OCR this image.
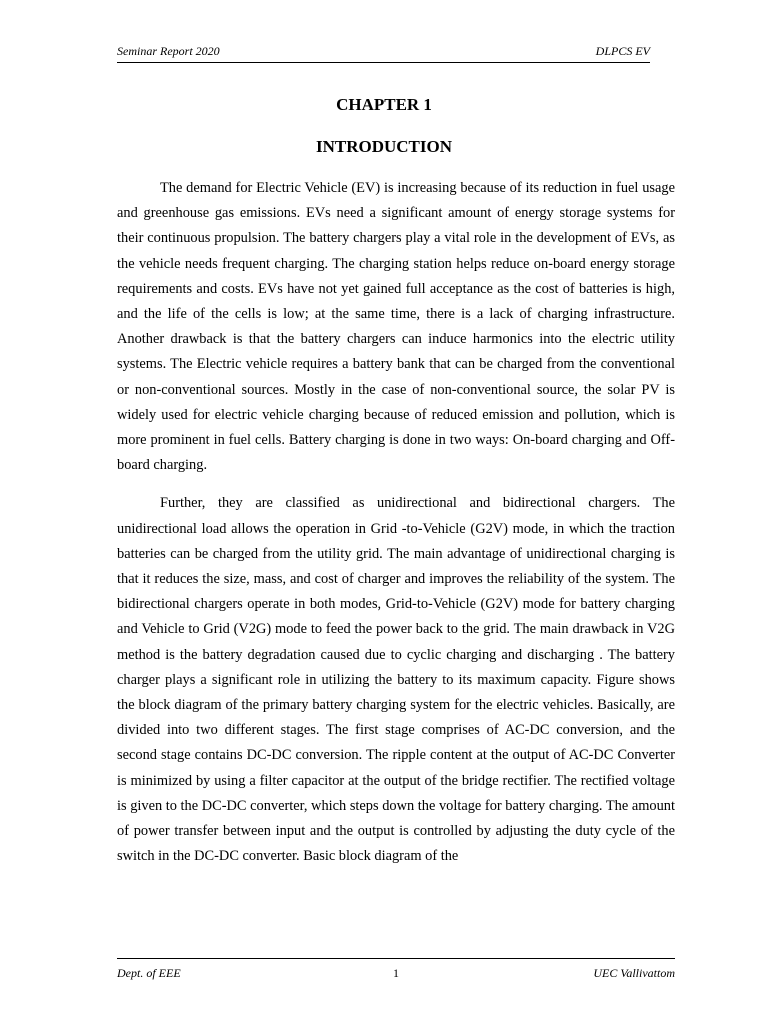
Seminar Report 2020	DLPCS EV
CHAPTER 1
INTRODUCTION

The demand for Electric Vehicle (EV) is increasing because of its reduction in fuel usage and greenhouse gas emissions. EVs need a significant amount of energy storage systems for their continuous propulsion. The battery chargers play a vital role in the development of EVs, as the vehicle needs frequent charging. The charging station helps reduce on-board energy storage requirements and costs. EVs have not yet gained full acceptance as the cost of batteries is high, and the life of the cells is low; at the same time, there is a lack of charging infrastructure. Another drawback is that the battery chargers can induce harmonics into the electric utility systems. The Electric vehicle requires a battery bank that can be charged from the conventional or non-conventional sources. Mostly in the case of non-conventional source, the solar PV is widely used for electric vehicle charging because of reduced emission and pollution, which is more prominent in fuel cells. Battery charging is done in two ways: On-board charging and Off-board charging.

Further, they are classified as unidirectional and bidirectional chargers. The unidirectional load allows the operation in Grid -to-Vehicle (G2V) mode, in which the traction batteries can be charged from the utility grid. The main advantage of unidirectional charging is that it reduces the size, mass, and cost of charger and improves the reliability of the system. The bidirectional chargers operate in both modes, Grid-to-Vehicle (G2V) mode for battery charging and Vehicle to Grid (V2G) mode to feed the power back to the grid. The main drawback in V2G method is the battery degradation caused due to cyclic charging and discharging . The battery charger plays a significant role in utilizing the battery to its maximum capacity. Figure shows the block diagram of the primary battery charging system for the electric vehicles. Basically, are divided into two different stages. The first stage comprises of AC-DC conversion, and the second stage contains DC-DC conversion. The ripple content at the output of AC-DC Converter is minimized by using a filter capacitor at the output of the bridge rectifier. The rectified voltage is given to the DC-DC converter, which steps down the voltage for battery charging. The amount of power transfer between input and the output is controlled by adjusting the duty cycle of the switch in the DC-DC converter. Basic block diagram of the

Dept. of EEE	1	UEC Vallivattom
